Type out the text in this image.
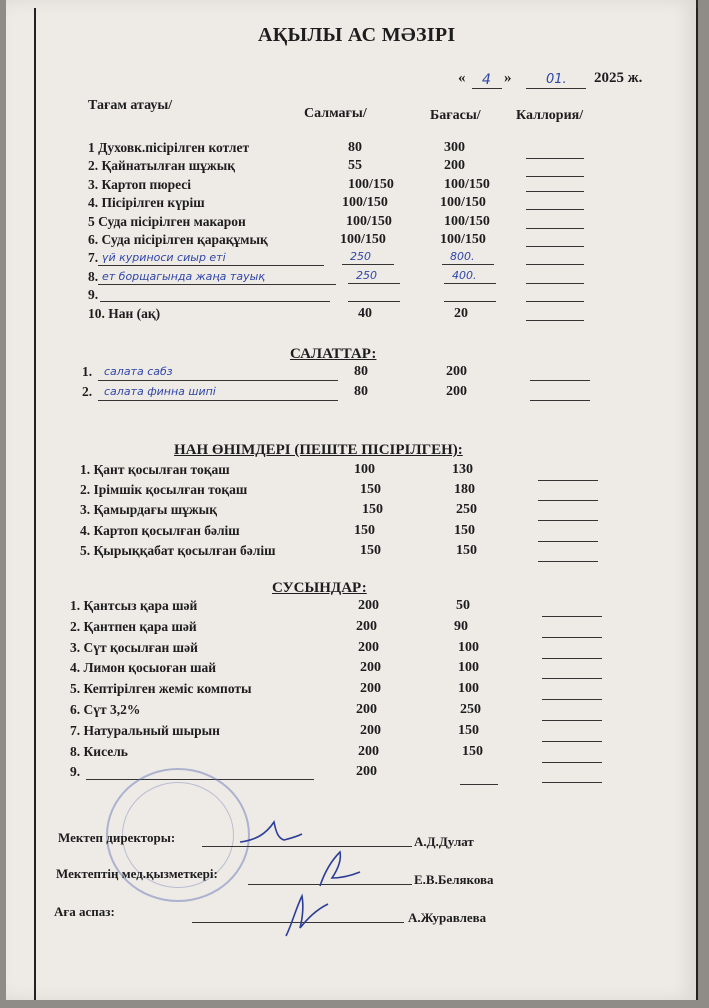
АҚЫЛЫ АС МӘЗІРІ
« 4 »	01. 2025 ж.
Тағам атауы/
Салмағы/	Бағасы/	Каллория/
1 Духовк.пісірілген котлет	80	300
2. Қайнатылған шұжық	55	200
3. Картоп пюресі	100/150	100/150
4. Пісірілген күріш	100/150	100/150
5 Суда пісірілген макарон	100/150	100/150
6. Суда пісірілген қарақұмық	100/150	100/150
7. үй куриноси сиыр еті	250	800.
8. ет борщагында жаңа тауық	250	400.
9.
10. Нан (ақ)	40	20
САЛАТТАР:
1. салата сабз	80	200
2. салата финна шипі	80	200
НАН ӨНІМДЕРІ (ПЕШТЕ ПІСІРІЛГЕН):
1. Қант қосылған тоқаш	100	130
2. Ірімшік қосылған тоқаш	150	180
3. Қамырдағы шұжық	150	250
4. Картоп қосылған бәліш	150	150
5. Қырыққабат қосылған бәліш	150	150
СУСЫНДАР:
1. Қантсыз қара шәй	200	50
2. Қантпен қара шәй	200	90
3. Сүт қосылған шәй	200	100
4. Лимон қосыоған шай	200	100
5. Кептірілген жеміс компоты	200	100
6. Сүт 3,2%	200	250
7. Натуральный шырын	200	150
8. Кисель	200	150
9.	200
Мектеп директоры:	А.Д.Дулат
Мектептің мед.қызметкері:	Е.В.Белякова
Аға аспаз:	А.Журавлева
